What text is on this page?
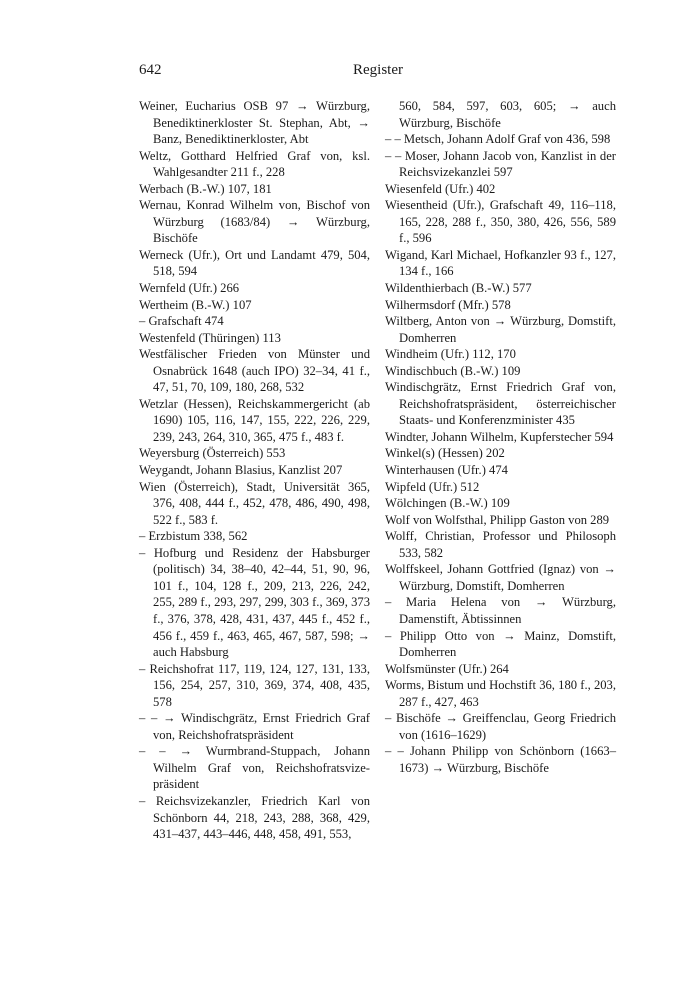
642	Register

Weiner, Eucharius OSB 97 → Würzburg, Benediktinerkloster St. Stephan, Abt, → Banz, Benediktinerkloster, Abt

Weltz, Gotthard Helfried Graf von, ksl. Wahlgesandter 211 f., 228

Werbach (B.-W.) 107, 181

Wernau, Konrad Wilhelm von, Bischof von Würzburg (1683/84) → Würzburg, Bischöfe

Werneck (Ufr.), Ort und Landamt 479, 504, 518, 594

Wernfeld (Ufr.) 266

Wertheim (B.-W.) 107

– Grafschaft 474

Westenfeld (Thüringen) 113

Westfälischer Frieden von Münster und Osnabrück 1648 (auch IPO) 32–34, 41 f., 47, 51, 70, 109, 180, 268, 532

Wetzlar (Hessen), Reichskammergericht (ab 1690) 105, 116, 147, 155, 222, 226, 229, 239, 243, 264, 310, 365, 475 f., 483 f.

Weyersburg (Österreich) 553

Weygandt, Johann Blasius, Kanzlist 207

Wien (Österreich), Stadt, Universität 365, 376, 408, 444 f., 452, 478, 486, 490, 498, 522 f., 583 f.

– Erzbistum 338, 562

– Hofburg und Residenz der Habsburger (politisch) 34, 38–40, 42–44, 51, 90, 96, 101 f., 104, 128 f., 209, 213, 226, 242, 255, 289 f., 293, 297, 299, 303 f., 369, 373 f., 376, 378, 428, 431, 437, 445 f., 452 f., 456 f., 459 f., 463, 465, 467, 587, 598; → auch Habsburg

– Reichshofrat 117, 119, 124, 127, 131, 133, 156, 254, 257, 310, 369, 374, 408, 435, 578

– – → Windischgrätz, Ernst Friedrich Graf von, Reichshofratspräsident

– – → Wurmbrand-Stuppach, Johann Wilhelm Graf von, Reichshofratsvize-präsident

– Reichsvizekanzler, Friedrich Karl von Schönborn 44, 218, 243, 288, 368, 429, 431–437, 443–446, 448, 458, 491, 553,

560, 584, 597, 603, 605; → auch Würzburg, Bischöfe

– – Metsch, Johann Adolf Graf von 436, 598

– – Moser, Johann Jacob von, Kanzlist in der Reichsvizekanzlei 597

Wiesenfeld (Ufr.) 402

Wiesentheid (Ufr.), Grafschaft 49, 116–118, 165, 228, 288 f., 350, 380, 426, 556, 589 f., 596

Wigand, Karl Michael, Hofkanzler 93 f., 127, 134 f., 166

Wildenthierbach (B.-W.) 577

Wilhermsdorf (Mfr.) 578

Wiltberg, Anton von → Würzburg, Domstift, Domherren

Windheim (Ufr.) 112, 170

Windischbuch (B.-W.) 109

Windischgrätz, Ernst Friedrich Graf von, Reichshofratspräsident, österreichischer Staats- und Konferenzminister 435

Windter, Johann Wilhelm, Kupferstecher 594

Winkel(s) (Hessen) 202

Winterhausen (Ufr.) 474

Wipfeld (Ufr.) 512

Wölchingen (B.-W.) 109

Wolf von Wolfsthal, Philipp Gaston von 289

Wolff, Christian, Professor und Philosoph 533, 582

Wolffskeel, Johann Gottfried (Ignaz) von → Würzburg, Domstift, Domherren

– Maria Helena von → Würzburg, Damenstift, Äbtissinnen

– Philipp Otto von → Mainz, Domstift, Domherren

Wolfsmünster (Ufr.) 264

Worms, Bistum und Hochstift 36, 180 f., 203, 287 f., 427, 463

– Bischöfe → Greiffenclau, Georg Friedrich von (1616–1629)

– – Johann Philipp von Schönborn (1663–1673) → Würzburg, Bischöfe
